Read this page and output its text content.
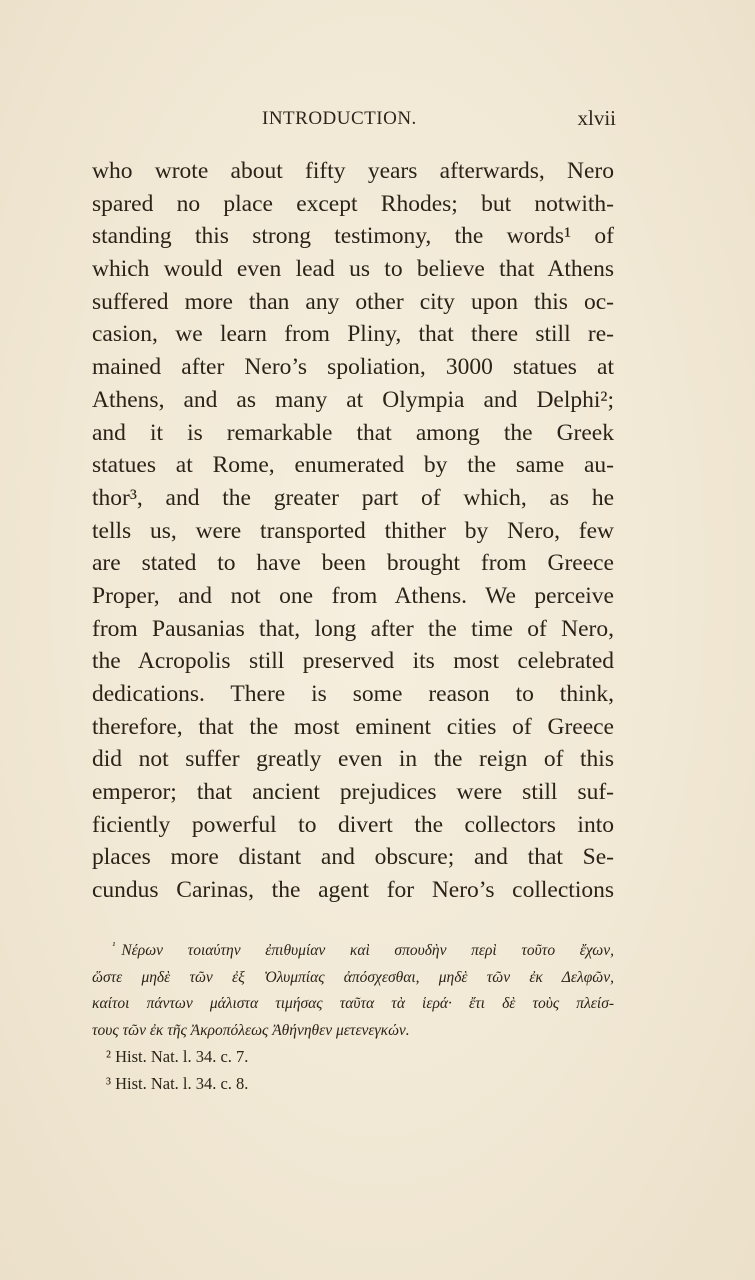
INTRODUCTION.	xlvii
who wrote about fifty years afterwards, Nero
spared no place except Rhodes; but notwith-
standing this strong testimony, the words¹ of
which would even lead us to believe that Athens
suffered more than any other city upon this oc-
casion, we learn from Pliny, that there still re-
mained after Nero’s spoliation, 3000 statues at
Athens, and as many at Olympia and Delphi²;
and it is remarkable that among the Greek
statues at Rome, enumerated by the same au-
thor³, and the greater part of which, as he
tells us, were transported thither by Nero, few
are stated to have been brought from Greece
Proper, and not one from Athens. We perceive
from Pausanias that, long after the time of Nero,
the Acropolis still preserved its most celebrated
dedications. There is some reason to think,
therefore, that the most eminent cities of Greece
did not suffer greatly even in the reign of this
emperor; that ancient prejudices were still suf-
ficiently powerful to divert the collectors into
places more distant and obscure; and that Se-
cundus Carinas, the agent for Nero’s collections
$^{^1}$ Νέρων τοιαύτην ἐπιθυμίαν καὶ σπουδὴν περὶ τοῦτο ἔχων,
ὥστε μηδὲ τῶν ἐξ Ὀλυμπίας ἀπόσχεσθαι, μηδὲ τῶν ἐκ Δελφῶν,
καίτοι πάντων μάλιστα τιμήσας ταῦτα τὰ ἱερά· ἔτι δὲ τοὺς πλείσ-
τους τῶν ἐκ τῆς Ἀκροπόλεως Ἀθήνηθεν μετενεγκών.
² Hist. Nat. l. 34. c. 7.
³ Hist. Nat. l. 34. c. 8.
